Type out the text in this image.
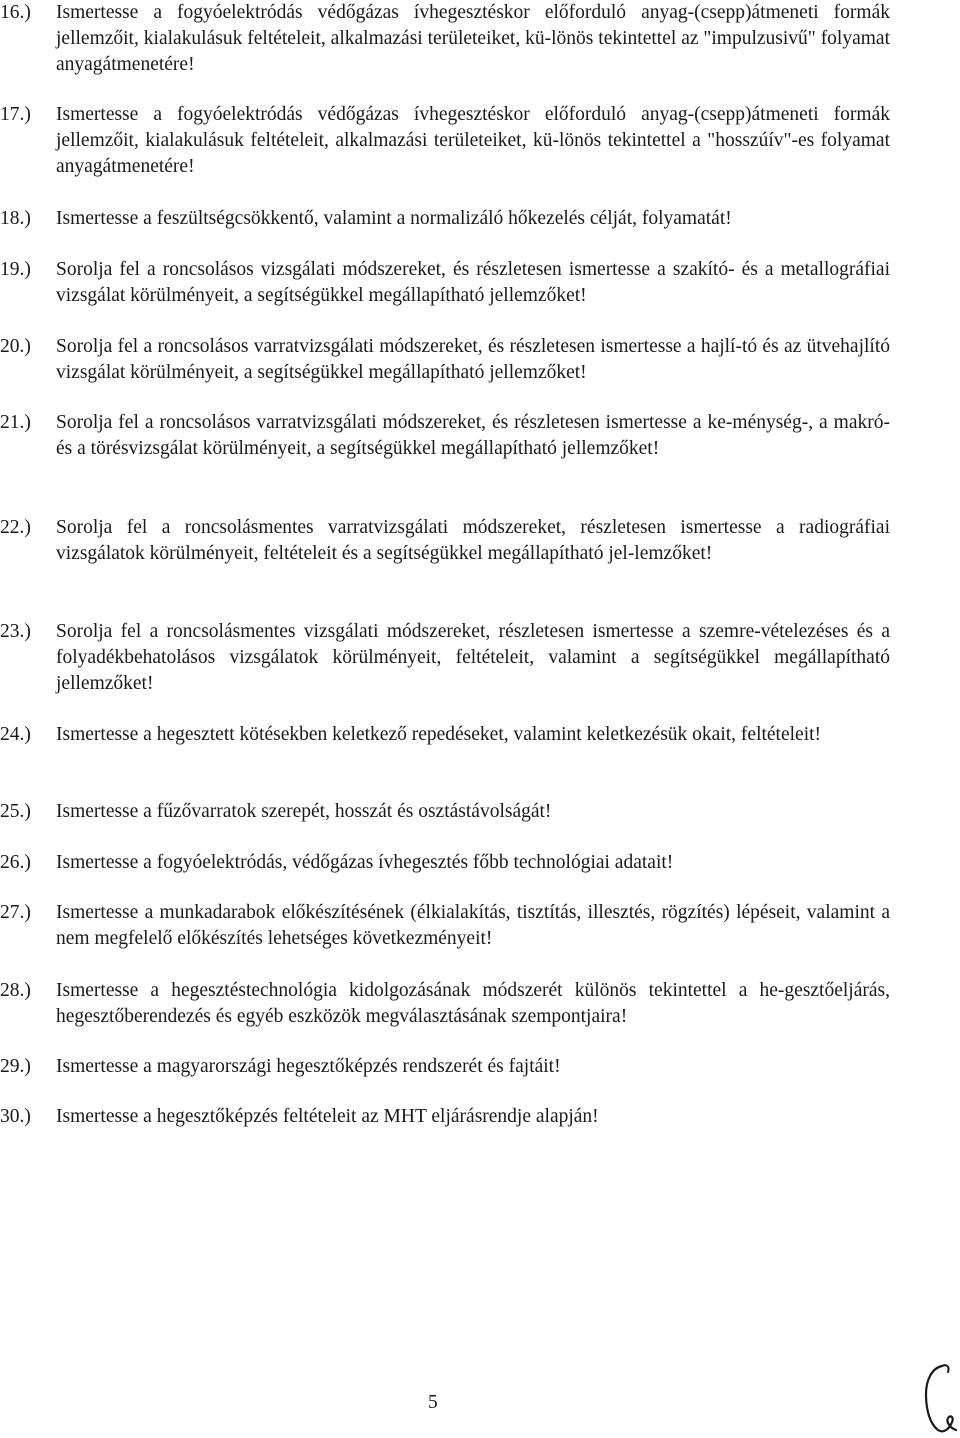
16.)	Ismertesse a fogyóelektródás védőgázas ívhegesztéskor előforduló anyag-(csepp)átmeneti formák jellemzőit, kialakulásuk feltételeit, alkalmazási területeiket, kü-lönös tekintettel az "impulzusivű" folyamat anyagátmenetére!
17.)	Ismertesse a fogyóelektródás védőgázas ívhegesztéskor előforduló anyag-(csepp)átmeneti formák jellemzőit, kialakulásuk feltételeit, alkalmazási területeiket, kü-lönös tekintettel a "hosszúív"-es folyamat anyagátmenetére!
18.)	Ismertesse a feszültségcsökkentő, valamint a normalizáló hőkezelés célját, folyamatát!
19.)	Sorolja fel a roncsolásos vizsgálati módszereket, és részletesen ismertesse a szakító- és a metallográfiai vizsgálat körülményeit, a segítségükkel megállapítható jellemzőket!
20.)	Sorolja fel a roncsolásos varratvizsgálati módszereket, és részletesen ismertesse a hajlí-tó és az ütvehajlító vizsgálat körülményeit, a segítségükkel megállapítható jellemzőket!
21.)	Sorolja fel a roncsolásos varratvizsgálati módszereket, és részletesen ismertesse a ke-ménység-, a makró- és a törésvizsgálat körülményeit, a segítségükkel megállapítható jellemzőket!
22.)	Sorolja fel a roncsolásmentes varratvizsgálati módszereket, részletesen ismertesse a radiográfiai vizsgálatok körülményeit, feltételeit és a segítségükkel megállapítható jel-lemzőket!
23.)	Sorolja fel a roncsolásmentes vizsgálati módszereket, részletesen ismertesse a szemre-vételezéses és a folyadékbehatolásos vizsgálatok körülményeit, feltételeit, valamint a segítségükkel megállapítható jellemzőket!
24.)	Ismertesse a hegesztett kötésekben keletkező repedéseket, valamint keletkezésük okait, feltételeit!
25.)	Ismertesse a fűzővarratok szerepét, hosszát és osztástávolságát!
26.)	Ismertesse a fogyóelektródás, védőgázas ívhegesztés főbb technológiai adatait!
27.)	Ismertesse a munkadarabok előkészítésének (élkialakítás, tisztítás, illesztés, rögzítés) lépéseit, valamint a nem megfelelő előkészítés lehetséges következményeit!
28.)	Ismertesse a hegesztéstechnológia kidolgozásának módszerét különös tekintettel a he-gesztőeljárás, hegesztőberendezés és egyéb eszközök megválasztásának szempontjaira!
29.)	Ismertesse a magyarországi hegesztőképzés rendszerét és fajtáit!
30.)	Ismertesse a hegesztőképzés feltételeit az MHT eljárásrendje alapján!
5
